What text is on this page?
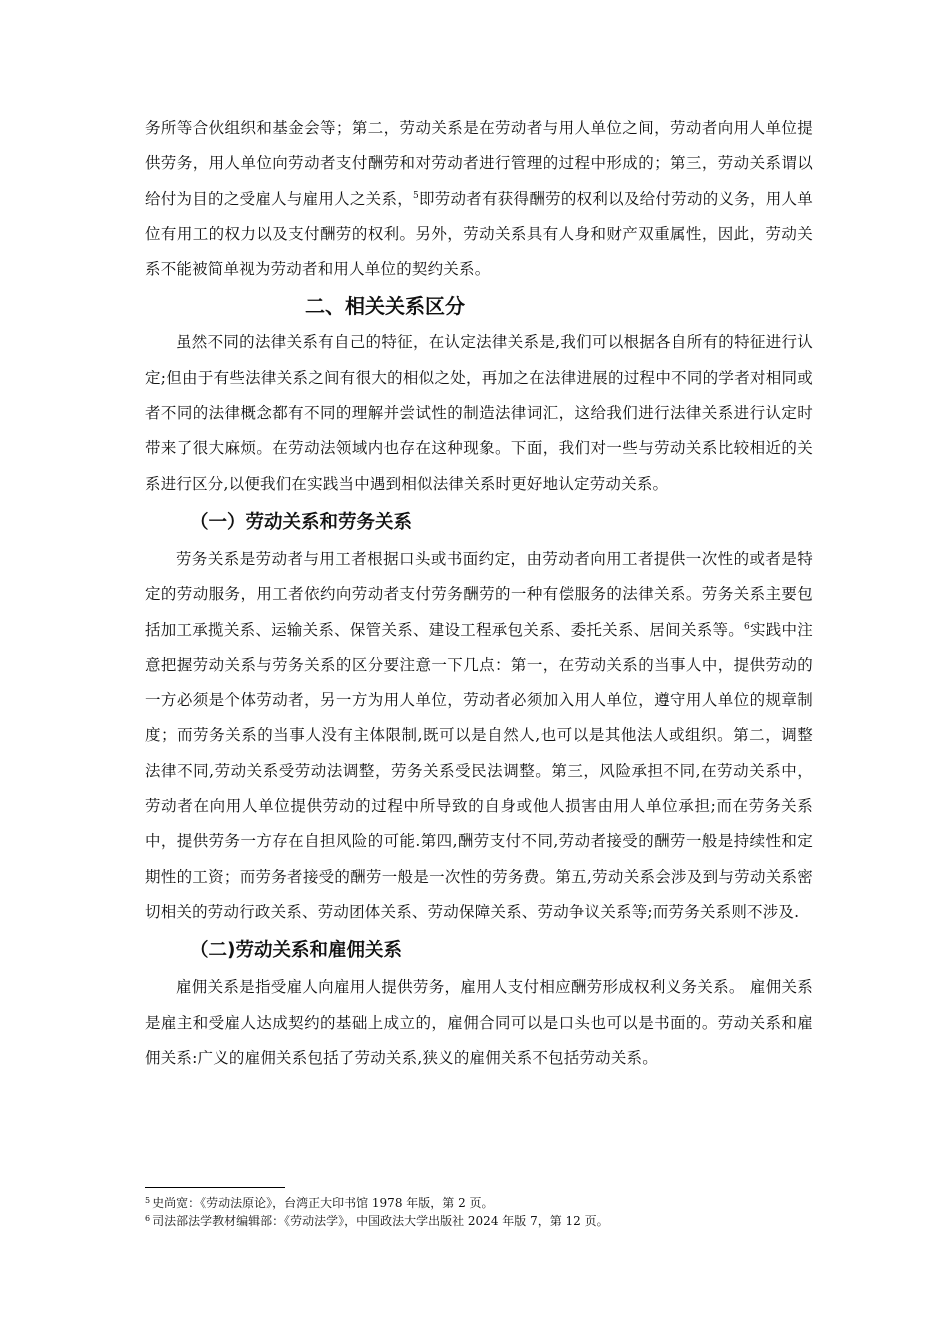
务所等合伙组织和基金会等；第二，劳动关系是在劳动者与用人单位之间，劳动者向用人单位提供劳务，用人单位向劳动者支付酬劳和对劳动者进行管理的过程中形成的；第三，劳动关系谓以给付为目的之受雇人与雇用人之关系，$^5$即劳动者有获得酬劳的权利以及给付劳动的义务，用人单位有用工的权力以及支付酬劳的权利。另外，劳动关系具有人身和财产双重属性，因此，劳动关系不能被简单视为劳动者和用人单位的契约关系。

二、相关关系区分

虽然不同的法律关系有自己的特征，在认定法律关系是,我们可以根据各自所有的特征进行认定;但由于有些法律关系之间有很大的相似之处，再加之在法律进展的过程中不同的学者对相同或者不同的法律概念都有不同的理解并尝试性的制造法律词汇，这给我们进行法律关系进行认定时带来了很大麻烦。在劳动法领域内也存在这种现象。下面，我们对一些与劳动关系比较相近的关系进行区分,以便我们在实践当中遇到相似法律关系时更好地认定劳动关系。

（一）劳动关系和劳务关系

劳务关系是劳动者与用工者根据口头或书面约定，由劳动者向用工者提供一次性的或者是特定的劳动服务，用工者依约向劳动者支付劳务酬劳的一种有偿服务的法律关系。劳务关系主要包括加工承揽关系、运输关系、保管关系、建设工程承包关系、委托关系、居间关系等。$^6$实践中注意把握劳动关系与劳务关系的区分要注意一下几点：第一，在劳动关系的当事人中，提供劳动的一方必须是个体劳动者，另一方为用人单位，劳动者必须加入用人单位，遵守用人单位的规章制度；而劳务关系的当事人没有主体限制,既可以是自然人,也可以是其他法人或组织。第二，调整法律不同,劳动关系受劳动法调整，劳务关系受民法调整。第三，风险承担不同,在劳动关系中，劳动者在向用人单位提供劳动的过程中所导致的自身或他人损害由用人单位承担;而在劳务关系中，提供劳务一方存在自担风险的可能.第四,酬劳支付不同,劳动者接受的酬劳一般是持续性和定期性的工资；而劳务者接受的酬劳一般是一次性的劳务费。第五,劳动关系会涉及到与劳动关系密切相关的劳动行政关系、劳动团体关系、劳动保障关系、劳动争议关系等;而劳务关系则不涉及.

（二)劳动关系和雇佣关系

雇佣关系是指受雇人向雇用人提供劳务，雇用人支付相应酬劳形成权利义务关系。 雇佣关系是雇主和受雇人达成契约的基础上成立的，雇佣合同可以是口头也可以是书面的。劳动关系和雇佣关系:广义的雇佣关系包括了劳动关系,狭义的雇佣关系不包括劳动关系。

$^5$ 史尚宽：《劳动法原论》，台湾正大印书馆 1978 年版，第 2 页。

$^6$ 司法部法学教材编辑部：《劳动法学》，中国政法大学出版社 2024 年版 7，第 12 页。
